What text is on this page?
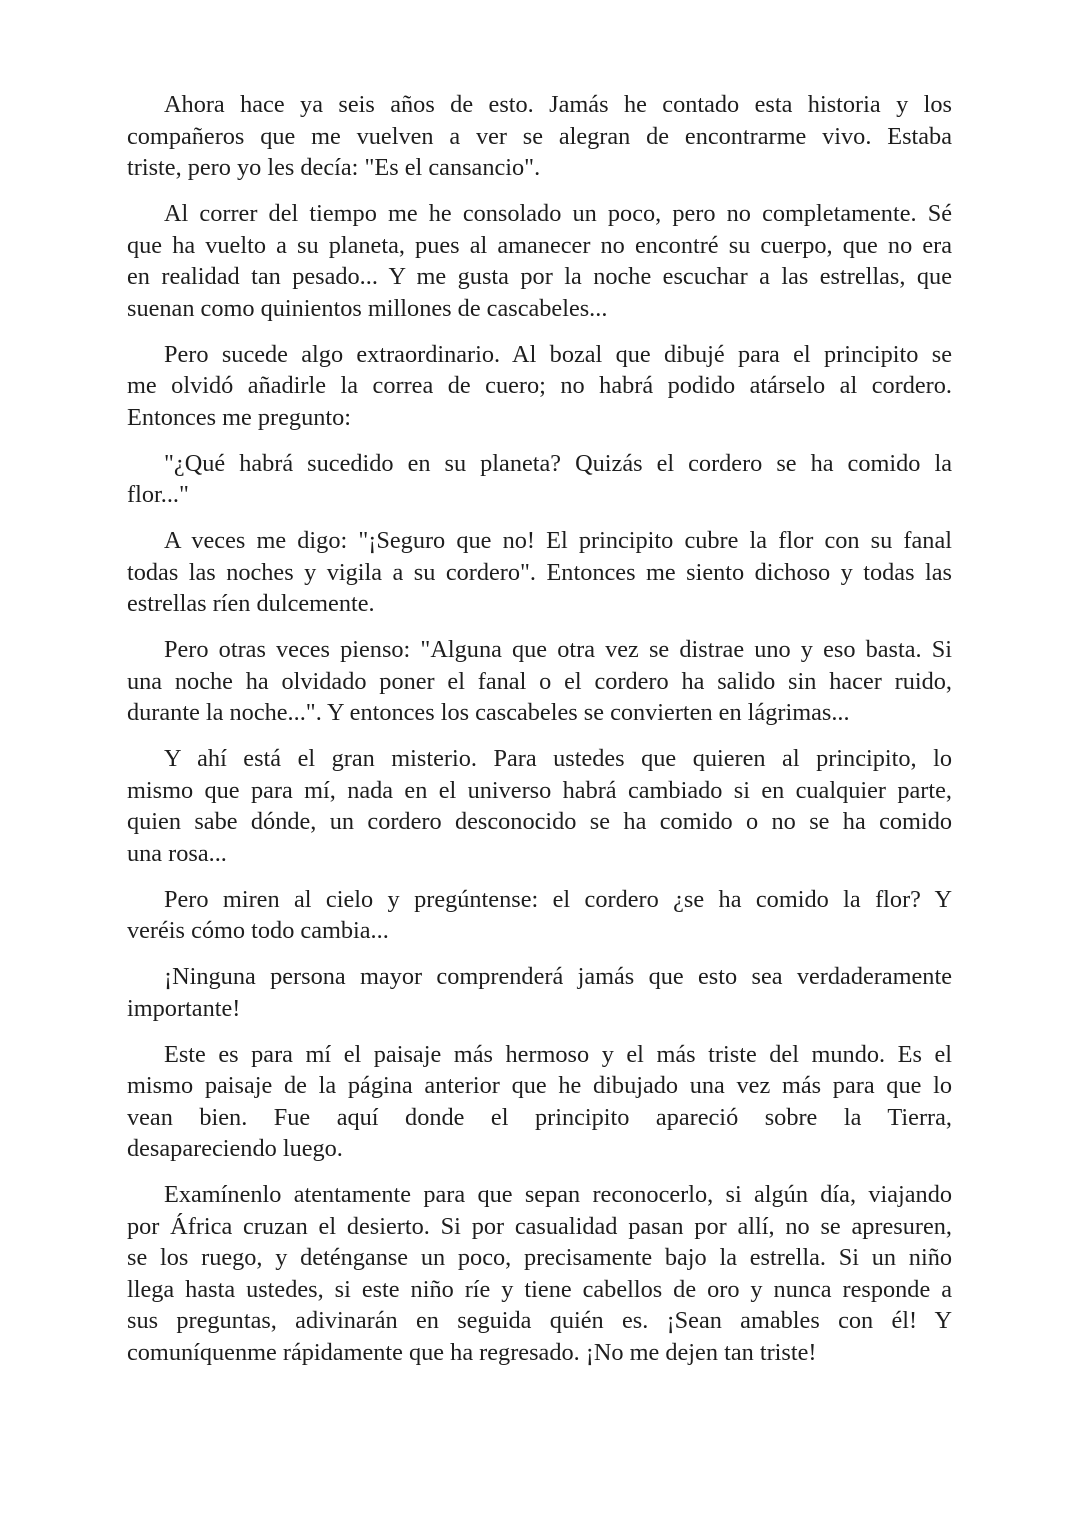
Ahora hace ya seis años de esto. Jamás he contado esta historia y los
compañeros que me vuelven a ver se alegran de encontrarme vivo. Estaba
triste, pero yo les decía: "Es el cansancio".

Al correr del tiempo me he consolado un poco, pero no completamente. Sé
que ha vuelto a su planeta, pues al amanecer no encontré su cuerpo, que no era
en realidad tan pesado... Y me gusta por la noche escuchar a las estrellas, que
suenan como quinientos millones de cascabeles...

Pero sucede algo extraordinario. Al bozal que dibujé para el principito se
me olvidó añadirle la correa de cuero; no habrá podido atárselo al cordero.
Entonces me pregunto:

"¿Qué habrá sucedido en su planeta? Quizás el cordero se ha comido la
flor..."

A veces me digo: "¡Seguro que no! El principito cubre la flor con su fanal
todas las noches y vigila a su cordero". Entonces me siento dichoso y todas las
estrellas ríen dulcemente.

Pero otras veces pienso: "Alguna que otra vez se distrae uno y eso basta. Si
una noche ha olvidado poner el fanal o el cordero ha salido sin hacer ruido,
durante la noche...". Y entonces los cascabeles se convierten en lágrimas...

Y ahí está el gran misterio. Para ustedes que quieren al principito, lo
mismo que para mí, nada en el universo habrá cambiado si en cualquier parte,
quien sabe dónde, un cordero desconocido se ha comido o no se ha comido
una rosa...

Pero miren al cielo y pregúntense: el cordero ¿se ha comido la flor? Y
veréis cómo todo cambia...

¡Ninguna persona mayor comprenderá jamás que esto sea verdaderamente
importante!

Este es para mí el paisaje más hermoso y el más triste del mundo. Es el
mismo paisaje de la página anterior que he dibujado una vez más para que lo
vean bien. Fue aquí donde el principito apareció sobre la Tierra,
desapareciendo luego.

Examínenlo atentamente para que sepan reconocerlo, si algún día, viajando
por África cruzan el desierto. Si por casualidad pasan por allí, no se apresuren,
se los ruego, y deténganse un poco, precisamente bajo la estrella. Si un niño
llega hasta ustedes, si este niño ríe y tiene cabellos de oro y nunca responde a
sus preguntas, adivinarán en seguida quién es. ¡Sean amables con él! Y
comuníquenme rápidamente que ha regresado. ¡No me dejen tan triste!
